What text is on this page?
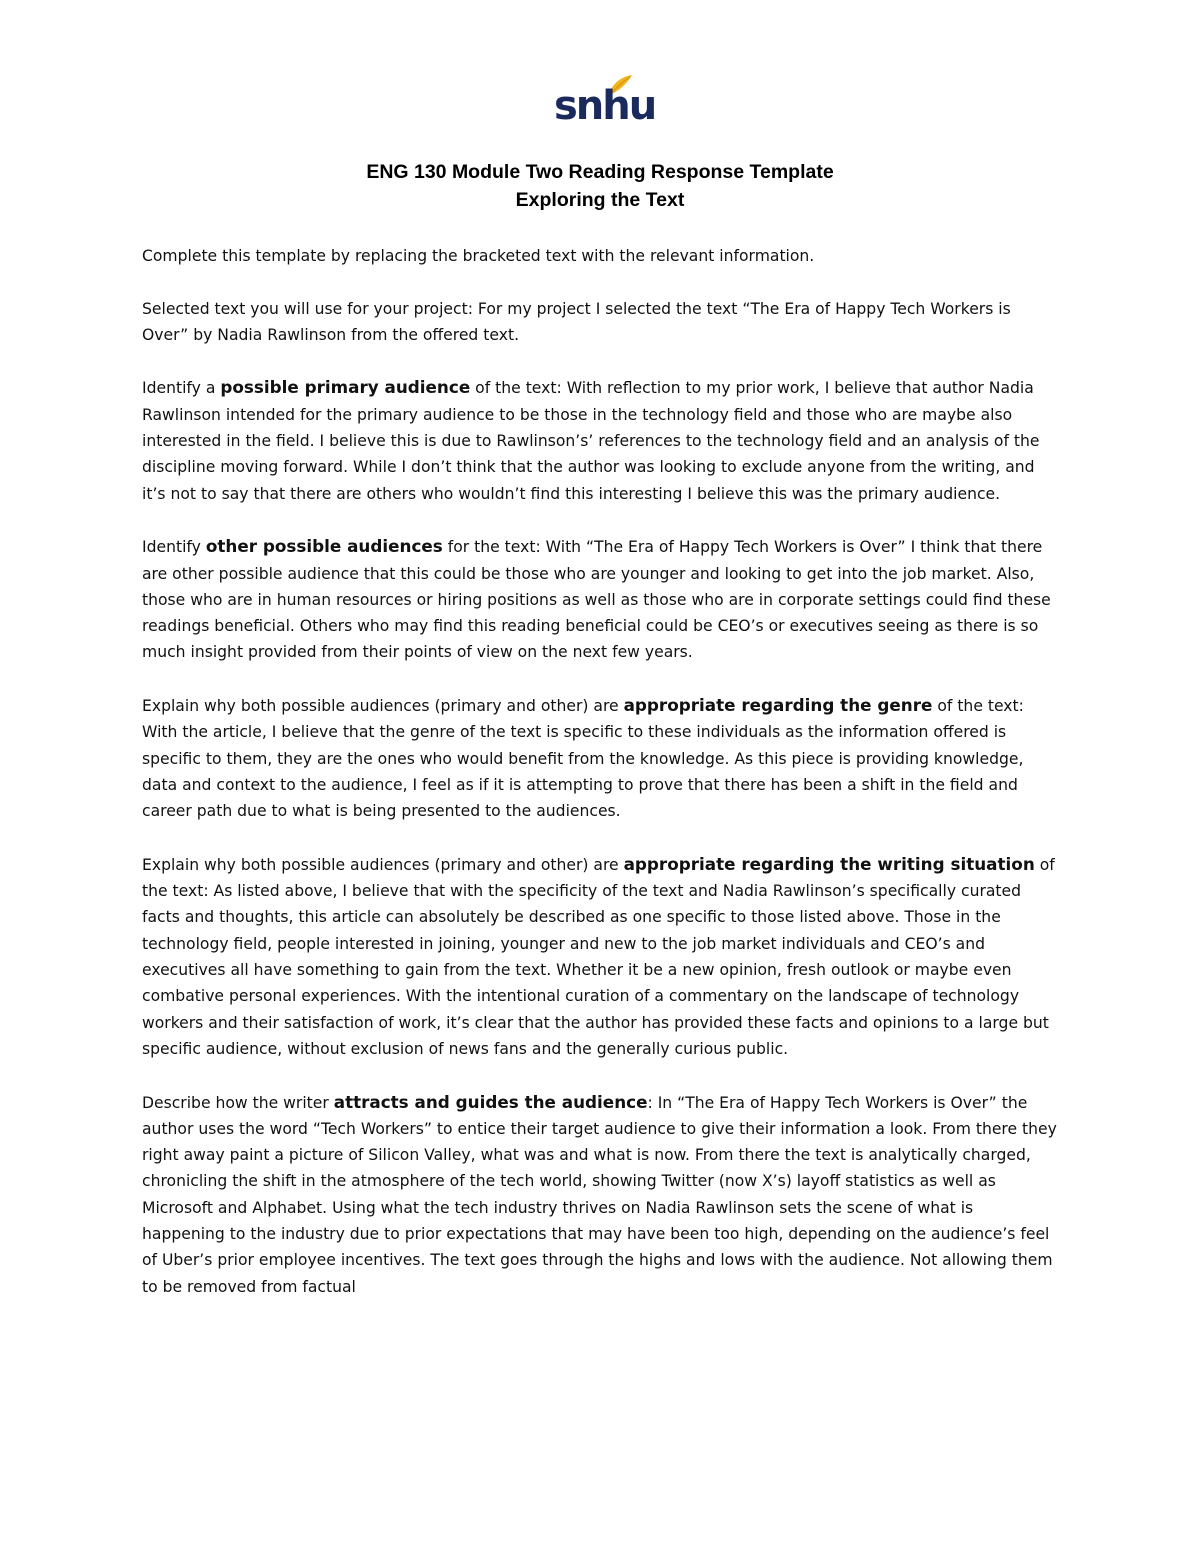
snhu
ENG 130 Module Two Reading Response Template
Exploring the Text

Complete this template by replacing the bracketed text with the relevant information.

Selected text you will use for your project: For my project I selected the text “The Era of Happy Tech Workers is Over” by Nadia Rawlinson from the offered text.

Identify a possible primary audience of the text: With reflection to my prior work, I believe that author Nadia Rawlinson intended for the primary audience to be those in the technology field and those who are maybe also interested in the field. I believe this is due to Rawlinson’s’ references to the technology field and an analysis of the discipline moving forward. While I don’t think that the author was looking to exclude anyone from the writing, and it’s not to say that there are others who wouldn’t find this interesting I believe this was the primary audience.

Identify other possible audiences for the text: With “The Era of Happy Tech Workers is Over” I think that there are other possible audience that this could be those who are younger and looking to get into the job market. Also, those who are in human resources or hiring positions as well as those who are in corporate settings could find these readings beneficial. Others who may find this reading beneficial could be CEO’s or executives seeing as there is so much insight provided from their points of view on the next few years.

Explain why both possible audiences (primary and other) are appropriate regarding the genre of the text: With the article, I believe that the genre of the text is specific to these individuals as the information offered is specific to them, they are the ones who would benefit from the knowledge. As this piece is providing knowledge, data and context to the audience, I feel as if it is attempting to prove that there has been a shift in the field and career path due to what is being presented to the audiences.

Explain why both possible audiences (primary and other) are appropriate regarding the writing situation of the text: As listed above, I believe that with the specificity of the text and Nadia Rawlinson’s specifically curated facts and thoughts, this article can absolutely be described as one specific to those listed above. Those in the technology field, people interested in joining, younger and new to the job market individuals and CEO’s and executives all have something to gain from the text. Whether it be a new opinion, fresh outlook or maybe even combative personal experiences. With the intentional curation of a commentary on the landscape of technology workers and their satisfaction of work, it’s clear that the author has provided these facts and opinions to a large but specific audience, without exclusion of news fans and the generally curious public.

Describe how the writer attracts and guides the audience: In “The Era of Happy Tech Workers is Over” the author uses the word “Tech Workers” to entice their target audience to give their information a look. From there they right away paint a picture of Silicon Valley, what was and what is now. From there the text is analytically charged, chronicling the shift in the atmosphere of the tech world, showing Twitter (now X’s) layoff statistics as well as Microsoft and Alphabet. Using what the tech industry thrives on Nadia Rawlinson sets the scene of what is happening to the industry due to prior expectations that may have been too high, depending on the audience’s feel of Uber’s prior employee incentives. The text goes through the highs and lows with the audience. Not allowing them to be removed from factual
